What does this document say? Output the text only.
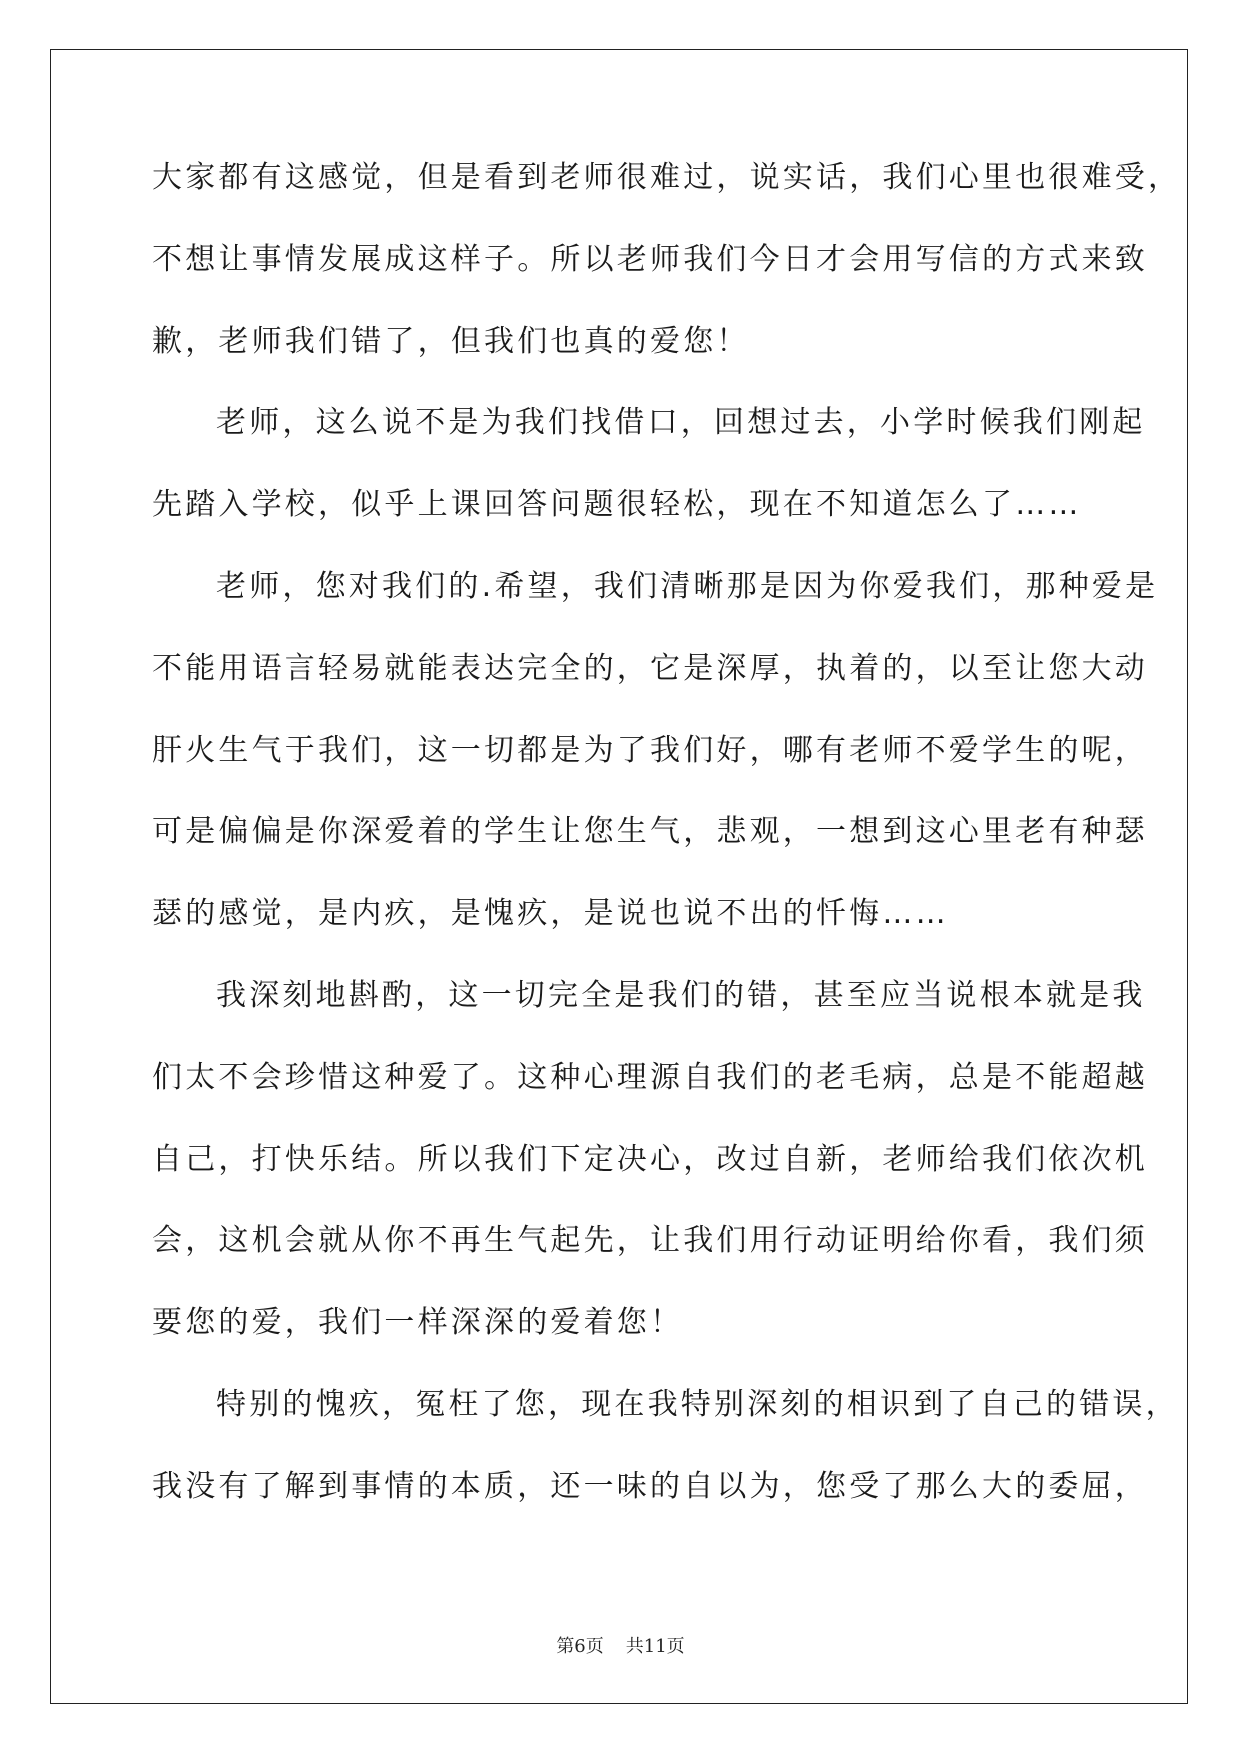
大家都有这感觉，但是看到老师很难过，说实话，我们心里也很难受，
不想让事情发展成这样子。所以老师我们今日才会用写信的方式来致
歉，老师我们错了，但我们也真的爱您！
老师，这么说不是为我们找借口，回想过去，小学时候我们刚起
先踏入学校，似乎上课回答问题很轻松，现在不知道怎么了……
老师，您对我们的.希望，我们清晰那是因为你爱我们，那种爱是
不能用语言轻易就能表达完全的，它是深厚，执着的，以至让您大动
肝火生气于我们，这一切都是为了我们好，哪有老师不爱学生的呢，
可是偏偏是你深爱着的学生让您生气，悲观，一想到这心里老有种瑟
瑟的感觉，是内疚，是愧疚，是说也说不出的忏悔……
我深刻地斟酌，这一切完全是我们的错，甚至应当说根本就是我
们太不会珍惜这种爱了。这种心理源自我们的老毛病，总是不能超越
自己，打快乐结。所以我们下定决心，改过自新，老师给我们依次机
会，这机会就从你不再生气起先，让我们用行动证明给你看，我们须
要您的爱，我们一样深深的爱着您！
特别的愧疚，冤枉了您，现在我特别深刻的相识到了自己的错误，
我没有了解到事情的本质，还一味的自以为，您受了那么大的委屈，
第6页 共11页
